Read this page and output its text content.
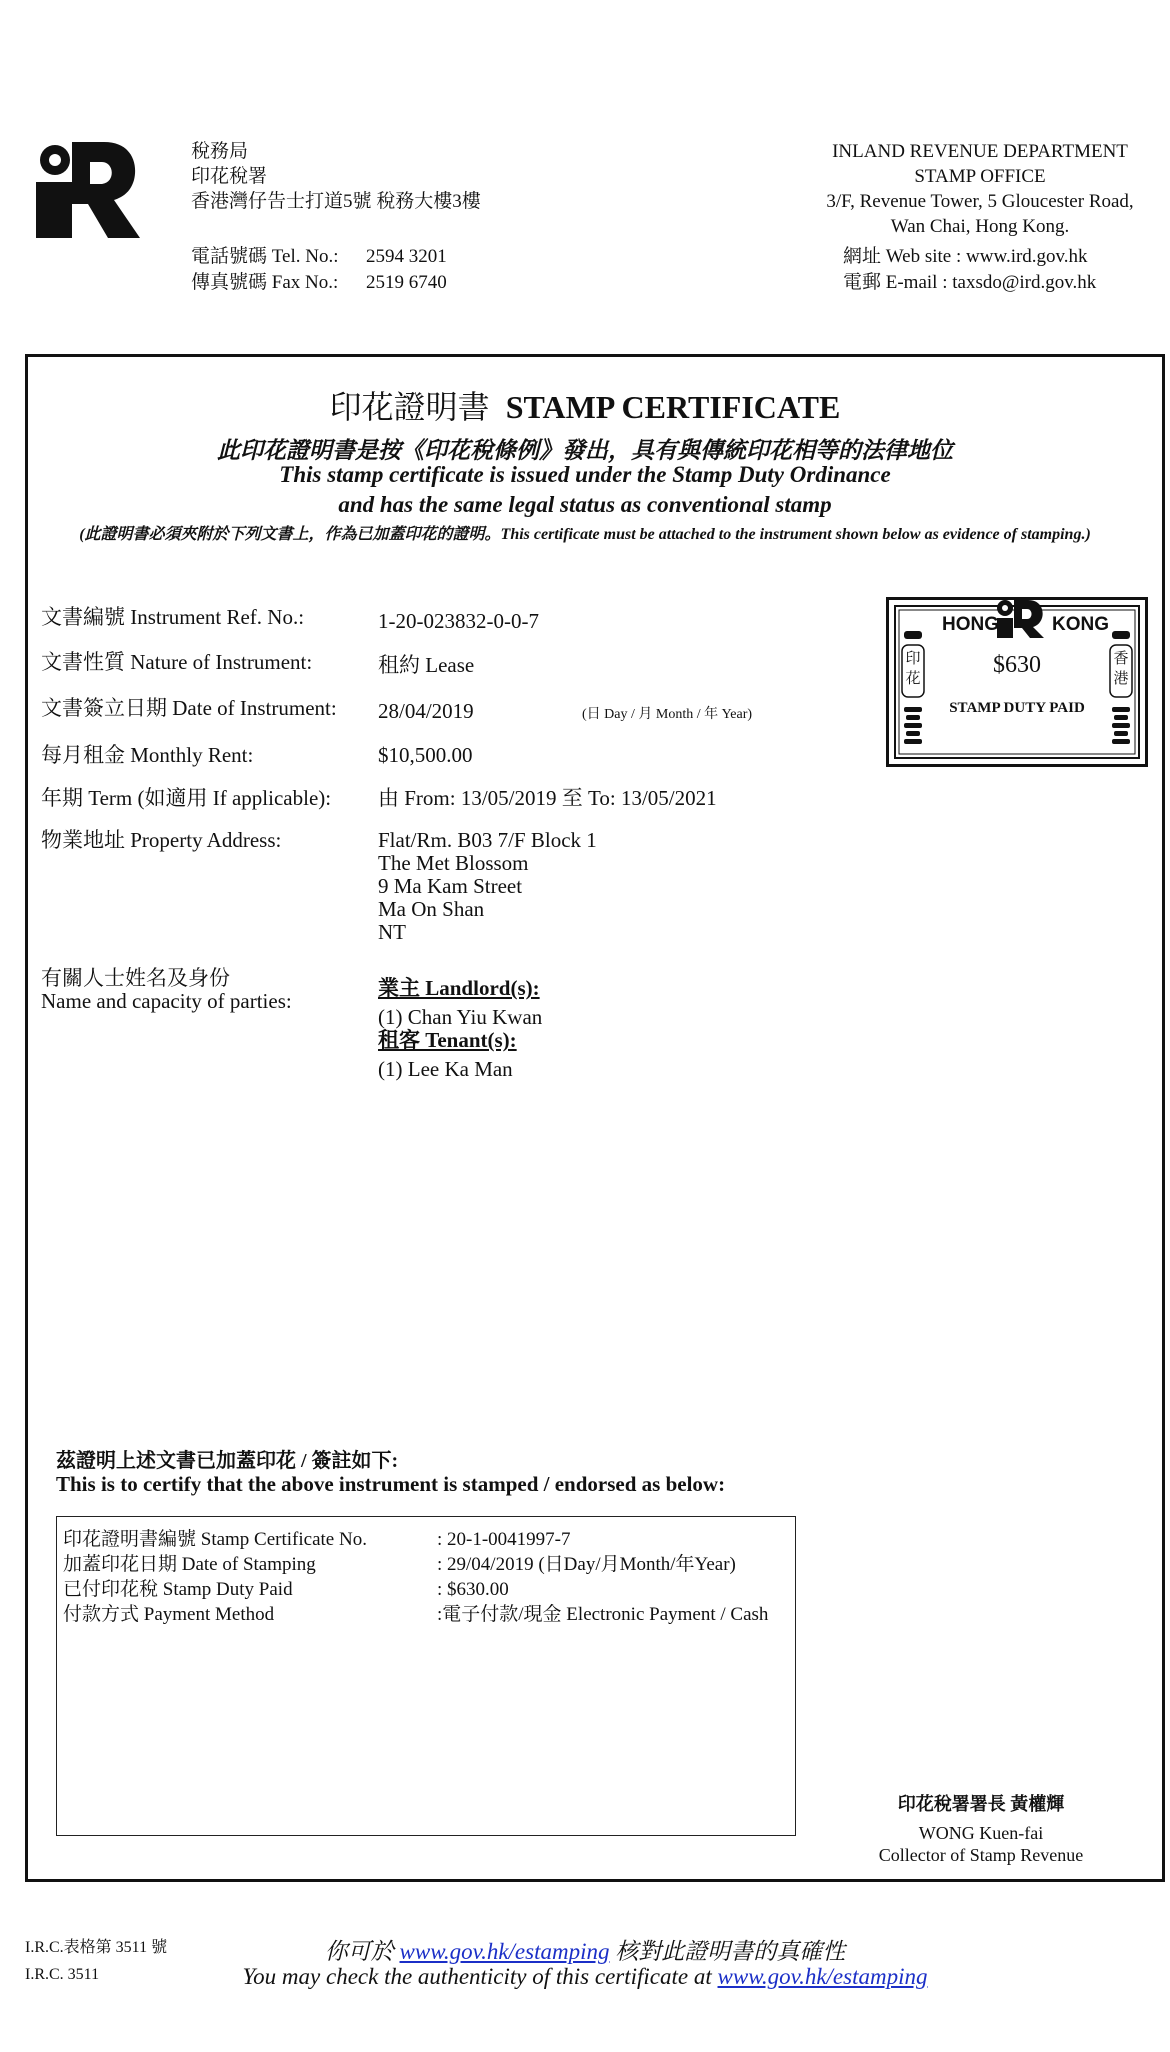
稅務局
印花稅署
香港灣仔告士打道5號 稅務大樓3樓
電話號碼 Tel. No.: 2594 3201
傳真號碼 Fax No.: 2519 6740
INLAND REVENUE DEPARTMENT
STAMP OFFICE
3/F, Revenue Tower, 5 Gloucester Road,
Wan Chai, Hong Kong.
網址 Web site : www.ird.gov.hk
電郵 E-mail : taxsdo@ird.gov.hk
印花證明書 STAMP CERTIFICATE
此印花證明書是按《印花稅條例》發出，具有與傳統印花相等的法律地位
This stamp certificate is issued under the Stamp Duty Ordinance
and has the same legal status as conventional stamp
(此證明書必須夾附於下列文書上，作為已加蓋印花的證明。This certificate must be attached to the instrument shown below as evidence of stamping.)
文書編號 Instrument Ref. No.:	1-20-023832-0-0-7
文書性質 Nature of Instrument:	租約 Lease
文書簽立日期 Date of Instrument: 28/04/2019	(日 Day / 月 Month / 年 Year)
每月租金 Monthly Rent:	$10,500.00
年期 Term (如適用 If applicable): 由 From: 13/05/2019 至 To: 13/05/2021
物業地址 Property Address:	Flat/Rm. B03 7/F Block 1
The Met Blossom
9 Ma Kam Street
Ma On Shan
NT
有關人士姓名及身份
Name and capacity of parties:
業主 Landlord(s):
(1) Chan Yiu Kwan
租客 Tenant(s):
(1) Lee Ka Man
HONG	KONG
印花
香港
$630
STAMP DUTY PAID
茲證明上述文書已加蓋印花 / 簽註如下:
This is to certify that the above instrument is stamped / endorsed as below:
印花證明書編號 Stamp Certificate No.	: 20-1-0041997-7
加蓋印花日期 Date of Stamping	: 29/04/2019 (日Day/月Month/年Year)
已付印花稅 Stamp Duty Paid	: $630.00
付款方式 Payment Method	:電子付款/現金 Electronic Payment / Cash
印花稅署署長 黃權輝
WONG Kuen-fai
Collector of Stamp Revenue
I.R.C.表格第 3511 號
I.R.C. 3511
你可於 www.gov.hk/estamping 核對此證明書的真確性
You may check the authenticity of this certificate at www.gov.hk/estamping
